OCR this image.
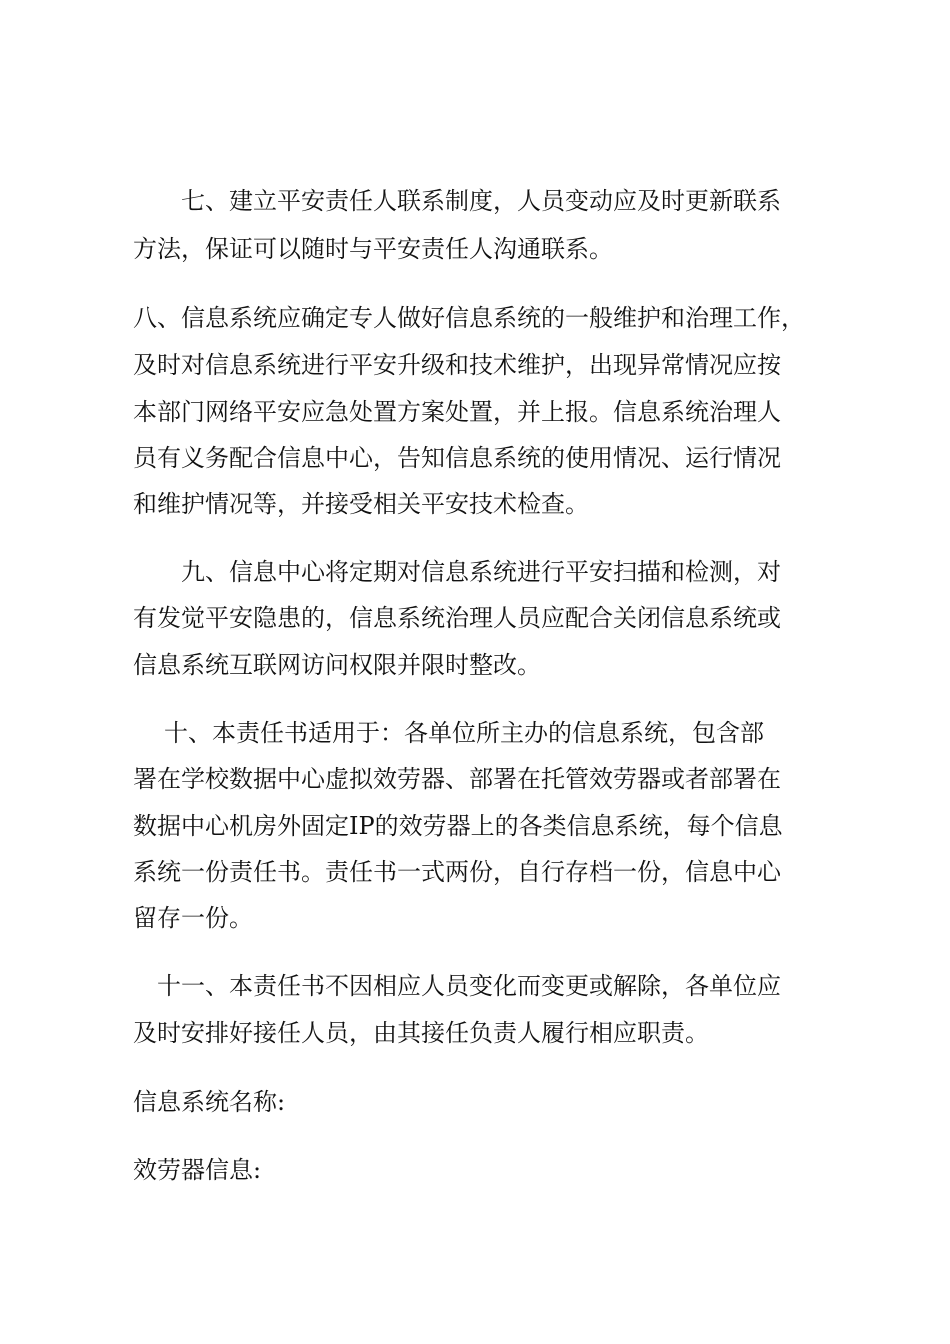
七、建立平安责任人联系制度，人员变动应及时更新联系
方法，保证可以随时与平安责任人沟通联系。
八、信息系统应确定专人做好信息系统的一般维护和治理工作，
及时对信息系统进行平安升级和技术维护，出现异常情况应按
本部门网络平安应急处置方案处置，并上报。信息系统治理人
员有义务配合信息中心，告知信息系统的使用情况、运行情况
和维护情况等，并接受相关平安技术检查。
九、信息中心将定期对信息系统进行平安扫描和检测，对
有发觉平安隐患的，信息系统治理人员应配合关闭信息系统或
信息系统互联网访问权限并限时整改。
十、本责任书适用于：各单位所主办的信息系统，包含部
署在学校数据中心虚拟效劳器、部署在托管效劳器或者部署在
数据中心机房外固定IP的效劳器上的各类信息系统，每个信息
系统一份责任书。责任书一式两份，自行存档一份，信息中心
留存一份。
十一、本责任书不因相应人员变化而变更或解除，各单位应
及时安排好接任人员，由其接任负责人履行相应职责。
信息系统名称:
效劳器信息:
